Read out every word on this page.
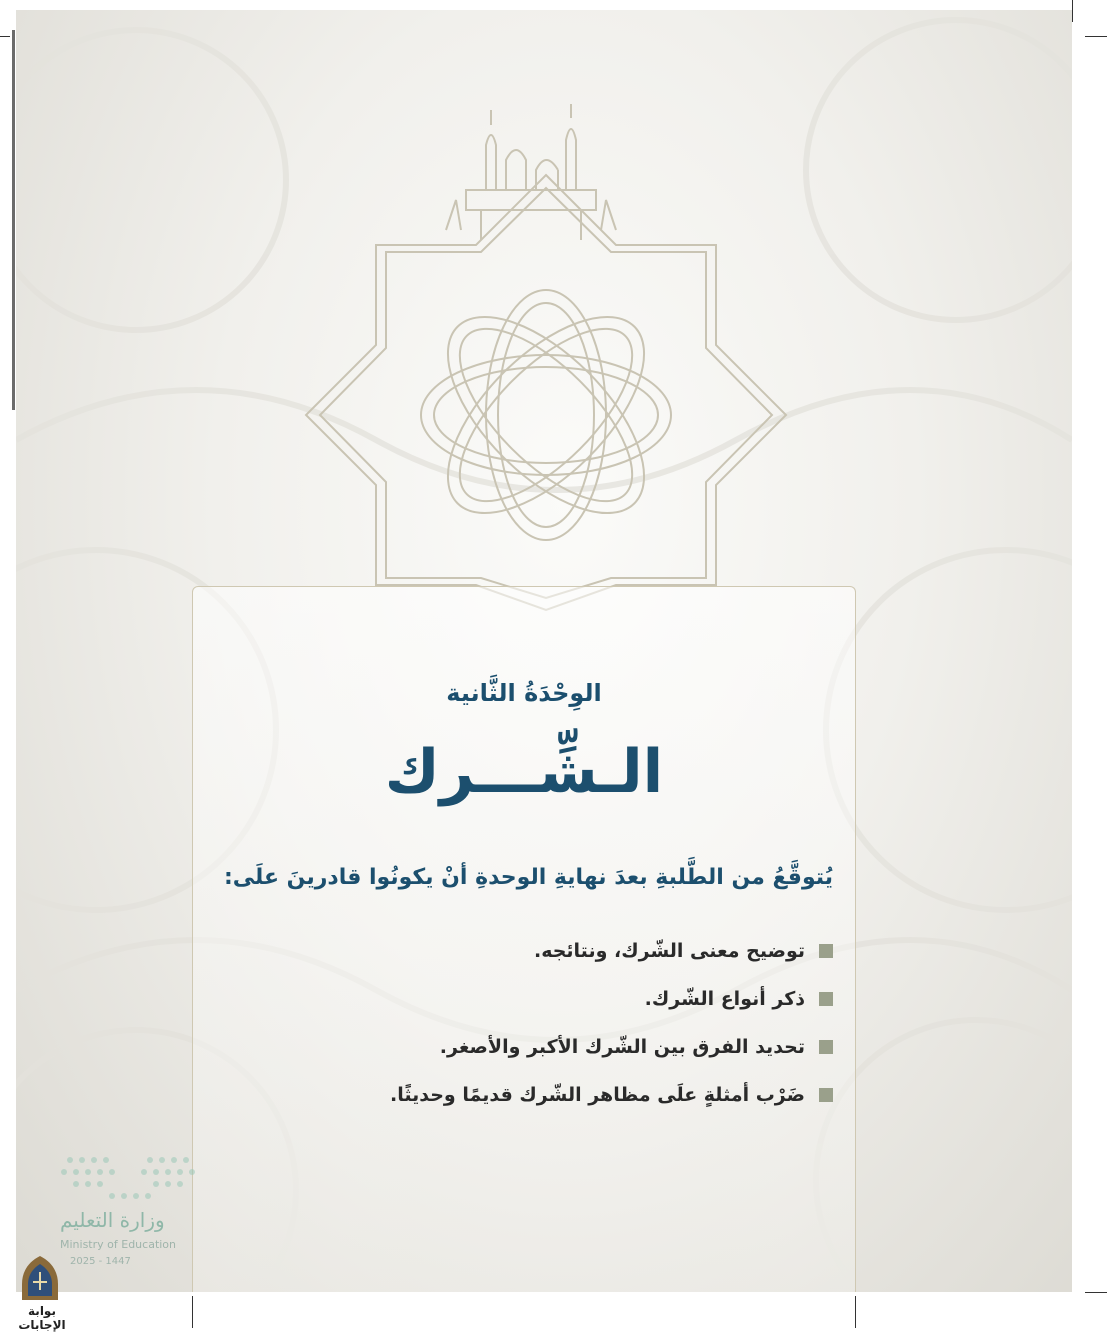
الوِحْدَةُ الثَّانية
الـشِّـــرك
يُتوقَّعُ من الطَّلبةِ بعدَ نهايةِ الوحدةِ أنْ يكونُوا قادرينَ علَى:
توضيح معنى الشّرك، ونتائجه.
ذكر أنواع الشّرك.
تحديد الفرق بين الشّرك الأكبر والأصغر.
ضَرْب أمثلةٍ علَى مظاهر الشّرك قديمًا وحديثًا.
وزارة التعليم
Ministry of Education
2025 - 1447
بوابة الإجابات
